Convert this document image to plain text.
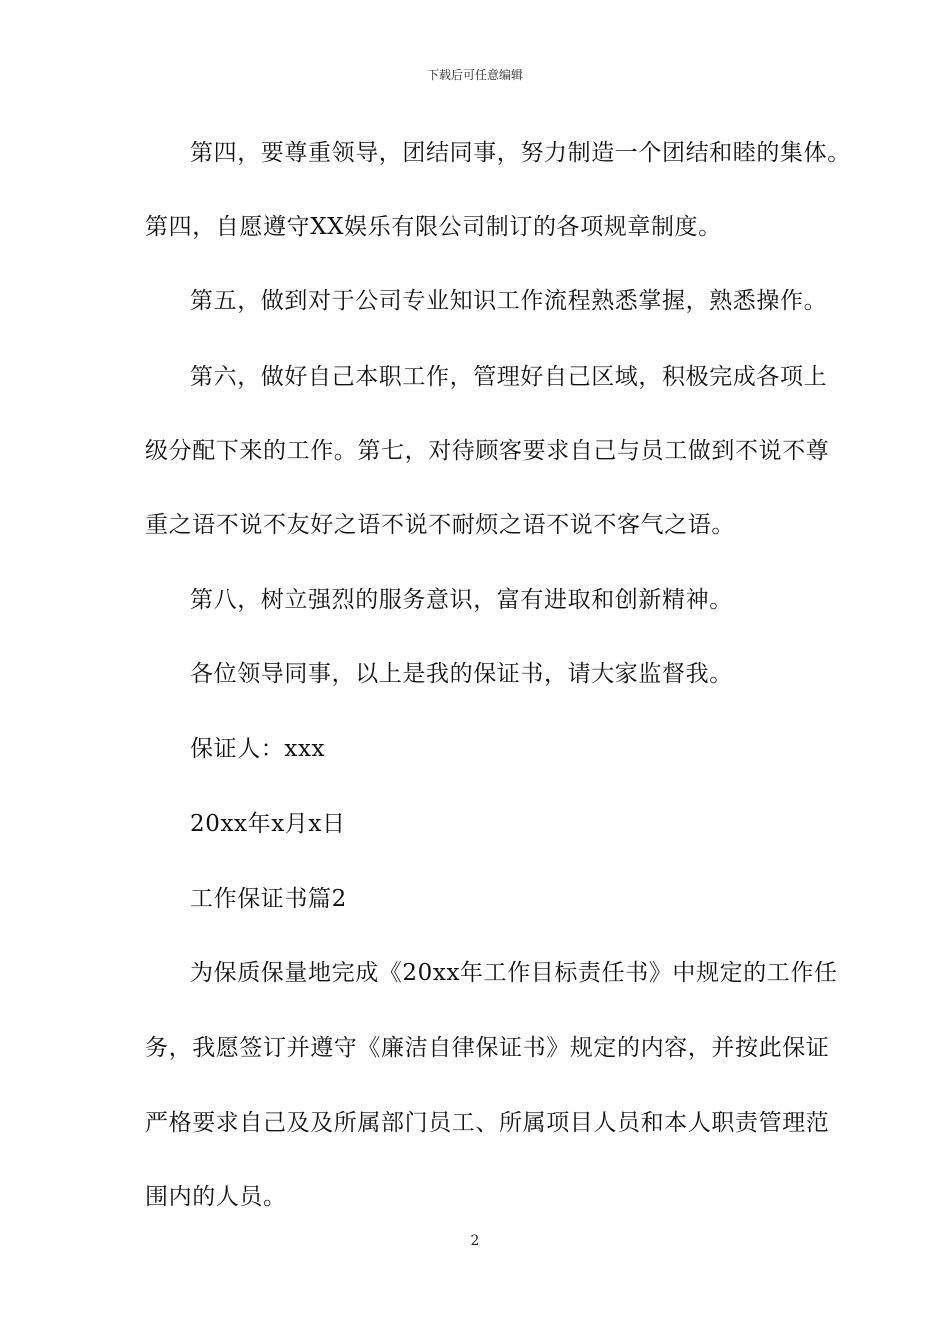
下载后可任意编辑
第四，要尊重领导，团结同事，努力制造一个团结和睦的集体。
第四，自愿遵守XX娱乐有限公司制订的各项规章制度。
第五，做到对于公司专业知识工作流程熟悉掌握，熟悉操作。
第六，做好自己本职工作，管理好自己区域，积极完成各项上
级分配下来的工作。第七，对待顾客要求自己与员工做到不说不尊
重之语不说不友好之语不说不耐烦之语不说不客气之语。
第八，树立强烈的服务意识，富有进取和创新精神。
各位领导同事，以上是我的保证书，请大家监督我。
保证人：xxx
20xx年x月x日
工作保证书篇2
为保质保量地完成《20xx年工作目标责任书》中规定的工作任
务，我愿签订并遵守《廉洁自律保证书》规定的内容，并按此保证
严格要求自己及及所属部门员工、所属项目人员和本人职责管理范
围内的人员。
2
